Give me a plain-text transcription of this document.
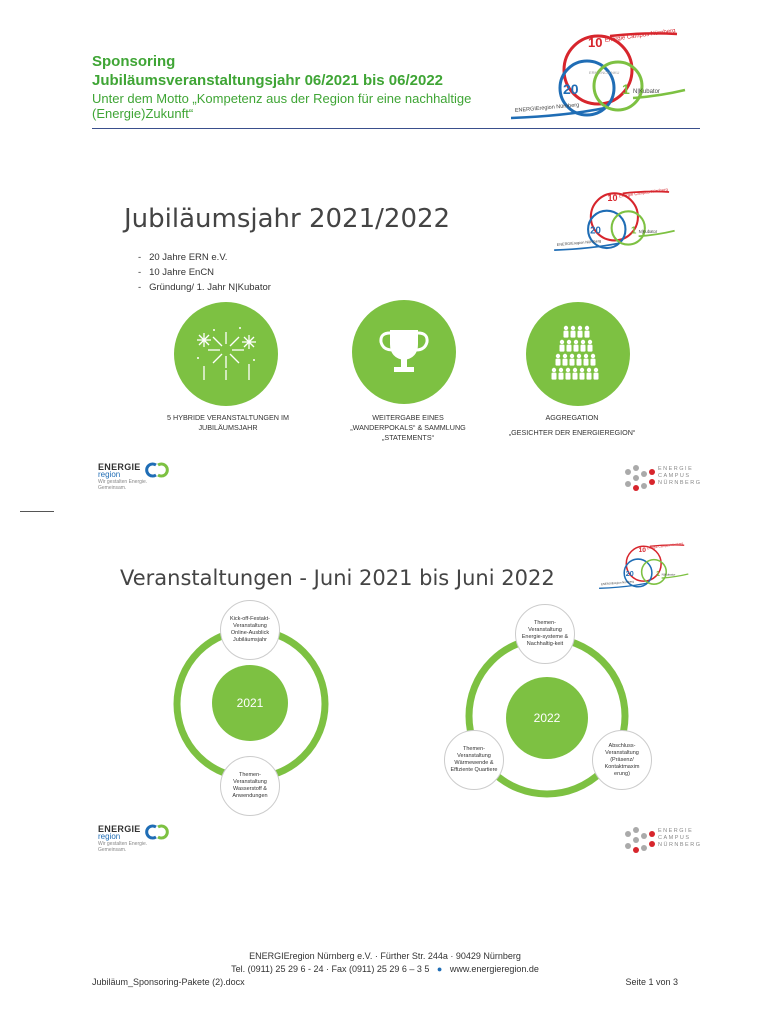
Sponsoring
Jubiläumsveranstaltungsjahr 06/2021 bis 06/2022
Unter dem Motto „Kompetenz aus der Region für eine nachhaltige (Energie)Zukunft“
10 Energie Campus Nürnberg
20	1 N|Kubator
ENERGIEregion Nürnberg
ERN ENCN NKU
Jubiläumsjahr 2021/2022
10 Energie Campus Nürnberg
20 1 N|Kubator
ENERGIEregion Nürnberg
-   20 Jahre ERN e.V.
-   10 Jahre EnCN
-   Gründung/ 1. Jahr N|Kubator
5 HYBRIDE VERANSTALTUNGEN IM
JUBILÄUMSJAHR
WEITERGABE EINES
„WANDERPOKALS“ & SAMMLUNG
„STATEMENTS“
AGGREGATION
„GESICHTER DER ENERGIEREGION“
ENERGIE
region
Wir gestalten Energie.
Gemeinsam.
ENERGIE
CAMPUS
NÜRNBERG
Veranstaltungen - Juni 2021 bis Juni 2022
10
Energie Campus Nürnberg
20 1 N|Kubator
ENERGIEregion Nürnberg
2021
Kick-off-Festakt-Veranstaltung Online-Ausblick Jubiläumsjahr
Themen-Veranstaltung Wasserstoff & Anwendungen
2022
Themen-Veranstaltung Energie-systeme & Nachhaltig-keit
Themen-Veranstaltung Wärmewende & Effiziente Quartiere
Abschluss-Veranstaltung (Präsenz/ Kontaktmaxim erung)
ENERGIE
region
Wir gestalten Energie.
Gemeinsam.
ENERGIE
CAMPUS
NÜRNBERG
ENERGIEregion Nürnberg e.V. · Fürther Str. 244a · 90429 Nürnberg
Tel. (0911) 25 29 6 - 24 · Fax (0911) 25 29 6 – 3 5   ●   www.energieregion.de
Jubiläum_Sponsoring-Pakete (2).docx	Seite 1 von 3
